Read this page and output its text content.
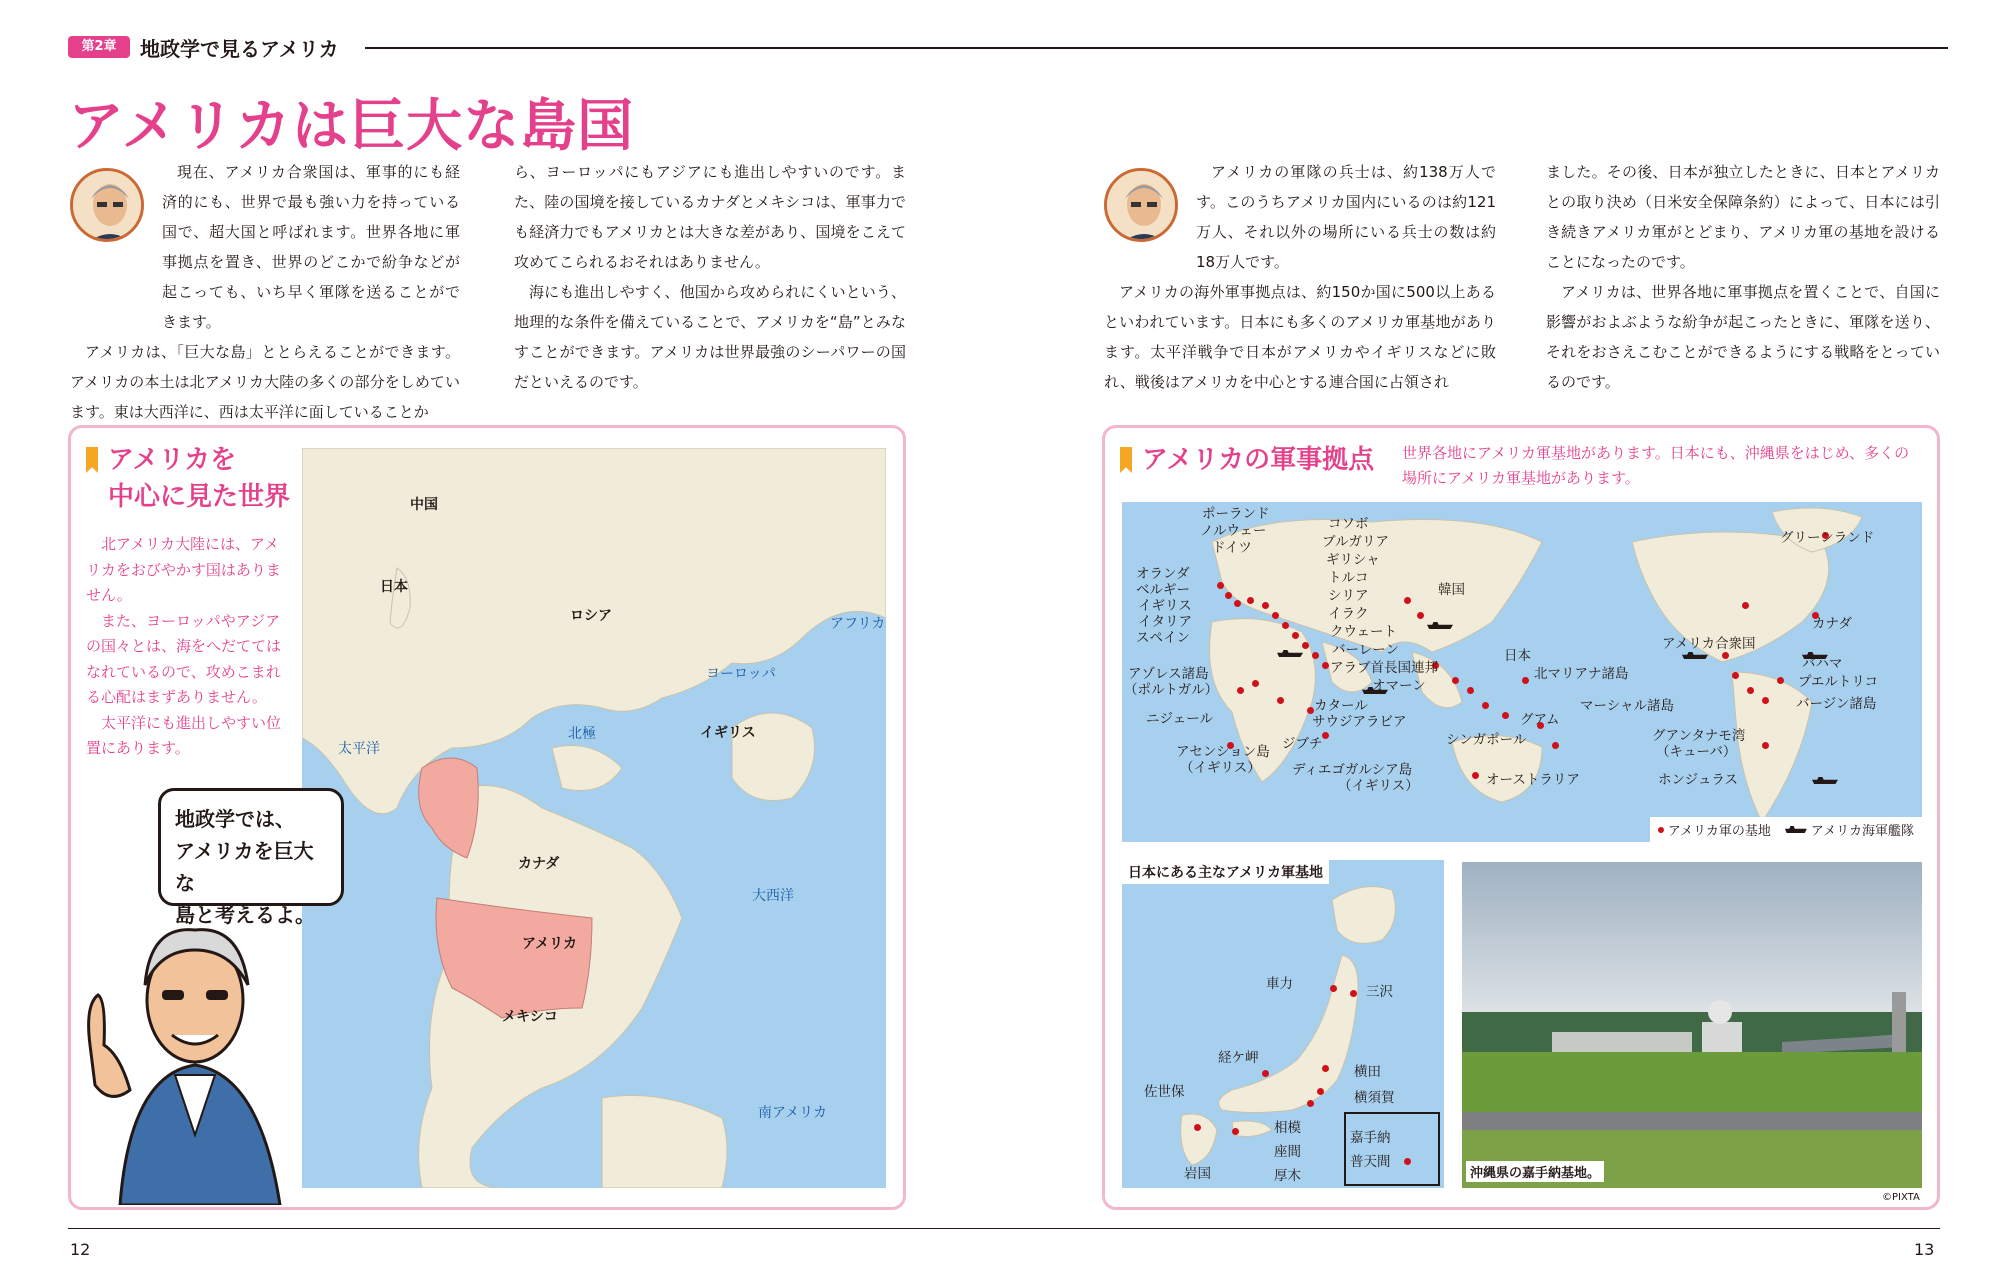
第2章	地政学で見るアメリカ
アメリカは巨大な島国

現在、アメリカ合衆国は、軍事的にも経済的にも、世界で最も強い力を持っている国で、超大国と呼ばれます。世界各地に軍事拠点を置き、世界のどこかで紛争などが起こっても、いち早く軍隊を送ることができます。

アメリカは、「巨大な島」ととらえることができます。アメリカの本土は北アメリカ大陸の多くの部分をしめています。東は大西洋に、西は太平洋に面していることか

ら、ヨーロッパにもアジアにも進出しやすいのです。また、陸の国境を接しているカナダとメキシコは、軍事力でも経済力でもアメリカとは大きな差があり、国境をこえて攻めてこられるおそれはありません。

海にも進出しやすく、他国から攻められにくいという、地理的な条件を備えていることで、アメリカを“島”とみなすことができます。アメリカは世界最強のシーパワーの国だといえるのです。

アメリカの軍隊の兵士は、約138万人です。このうちアメリカ国内にいるのは約121万人、それ以外の場所にいる兵士の数は約18万人です。

アメリカの海外軍事拠点は、約150か国に500以上あるといわれています。日本にも多くのアメリカ軍基地があります。太平洋戦争で日本がアメリカやイギリスなどに敗れ、戦後はアメリカを中心とする連合国に占領され

ました。その後、日本が独立したときに、日本とアメリカとの取り決め（日米安全保障条約）によって、日本には引き続きアメリカ軍がとどまり、アメリカ軍の基地を設けることになったのです。

アメリカは、世界各地に軍事拠点を置くことで、自国に影響がおよぶような紛争が起こったときに、軍隊を送り、それをおさえこむことができるようにする戦略をとっているのです。

アメリカを
中心に見た世界

北アメリカ大陸には、アメリカをおびやかす国はありません。

また、ヨーロッパやアジアの国々とは、海をへだててはなれているので、攻めこまれる心配はまずありません。

太平洋にも進出しやすい位置にあります。

中国
日本
ロシア	アフリカ
ヨーロッパ
太平洋
北極	イギリス
カナダ
大西洋
アメリカ
メキシコ
南アメリカ
地政学では、
アメリカを巨大な
島と考えるよ。
アメリカの軍事拠点 世界各地にアメリカ軍基地があります。日本にも、沖縄県をはじめ、多くの場所にアメリカ軍基地があります。
ポーランド
ノルウェー
ドイツ
オランダ
ベルギー
イギリス
イタリア
スペイン
アゾレス諸島
（ポルトガル）
ニジェール
アセンション島
（イギリス）
ジブチ
ディエゴガルシア島
（イギリス）
コソボ
ブルガリア
ギリシャ
トルコ
シリア
イラク
クウェート
バーレーン
アラブ首長国連邦
オマーン
カタール
サウジアラビア
韓国
日本
北マリアナ諸島
シンガポール
グアム
マーシャル諸島
オーストラリア
グリーンランド
カナダ
アメリカ合衆国
バハマ
プエルトリコ
バージン諸島
グアンタナモ湾
（キューバ）
ホンジュラス
アメリカ軍の基地	アメリカ海軍艦隊
日本にある主なアメリカ軍基地
車力	三沢
経ケ岬
横田
横須賀
佐世保
相模
座間
厚木
岩国
嘉手納
普天間
沖縄県の嘉手納基地。
©PIXTA
12	13
